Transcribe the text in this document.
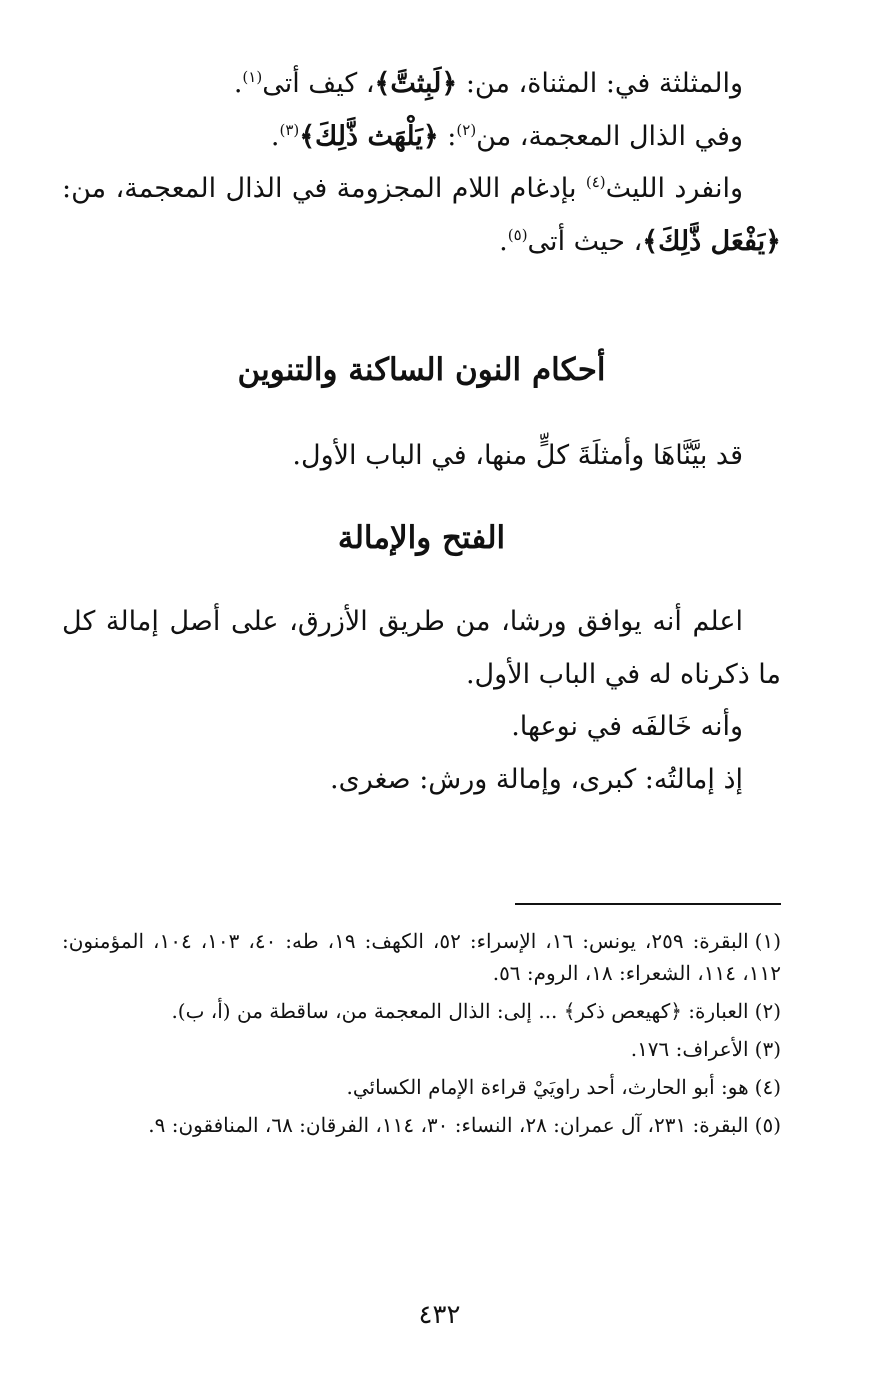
والمثلثة في: المثناة، من: ﴿لَبِثتَّ﴾، كيف أتى$^{(١)}$.

وفي الذال المعجمة، من$^{(٢)}$: ﴿يَلْهَث ذَّلِكَ﴾$^{(٣)}$.

وانفرد الليث$^{(٤)}$ بإدغام اللام المجزومة في الذال المعجمة، من: ﴿يَفْعَل ذَّلِكَ﴾، حيث أتى$^{(٥)}$.

أحكام النون الساكنة والتنوين

قد بيَّنَّاهَا وأمثلَةَ كلٍّ منها، في الباب الأول.

الفتح والإمالة

اعلم أنه يوافق ورشا، من طريق الأزرق، على أصل إمالة كل ما ذكرناه له في الباب الأول.

وأنه خَالفَه في نوعها.

إذ إمالتُه: كبرى، وإمالة ورش: صغرى.

(١)البقرة: ٢٥٩، يونس: ١٦، الإسراء: ٥٢، الكهف: ١٩، طه: ٤٠، ١٠٣، ١٠٤، المؤمنون: ١١٢، ١١٤، الشعراء: ١٨، الروم: ٥٦.

(٢)العبارة: ﴿كهيعص ذكر﴾ ... إلى: الذال المعجمة من، ساقطة من (أ، ب).

(٣)الأعراف: ١٧٦.

(٤)هو: أبو الحارث، أحد راويَيْ قراءة الإمام الكسائي.

(٥)البقرة: ٢٣١، آل عمران: ٢٨، النساء: ٣٠، ١١٤، الفرقان: ٦٨، المنافقون: ٩.

٤٣٢
